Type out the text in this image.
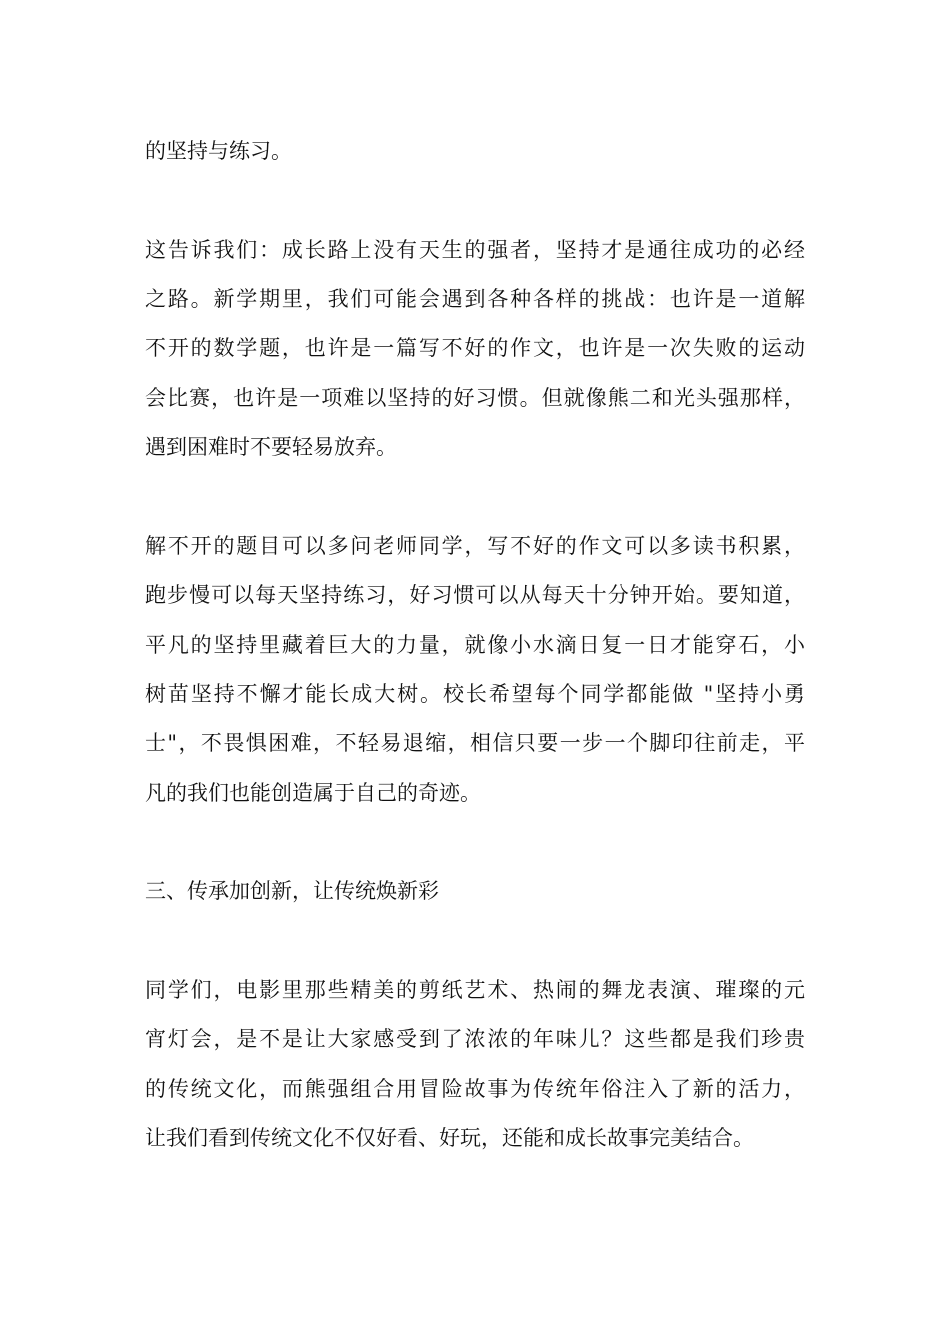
的坚持与练习。
这告诉我们：成长路上没有天生的强者，坚持才是通往成功的必经
之路。新学期里，我们可能会遇到各种各样的挑战：也许是一道解
不开的数学题，也许是一篇写不好的作文，也许是一次失败的运动
会比赛，也许是一项难以坚持的好习惯。但就像熊二和光头强那样，
遇到困难时不要轻易放弃。
解不开的题目可以多问老师同学，写不好的作文可以多读书积累，
跑步慢可以每天坚持练习，好习惯可以从每天十分钟开始。要知道，
平凡的坚持里藏着巨大的力量，就像小水滴日复一日才能穿石，小
树苗坚持不懈才能长成大树。校长希望每个同学都能做 "坚持小勇
士"，不畏惧困难，不轻易退缩，相信只要一步一个脚印往前走，平
凡的我们也能创造属于自己的奇迹。
三、传承加创新，让传统焕新彩
同学们，电影里那些精美的剪纸艺术、热闹的舞龙表演、璀璨的元
宵灯会，是不是让大家感受到了浓浓的年味儿？这些都是我们珍贵
的传统文化，而熊强组合用冒险故事为传统年俗注入了新的活力，
让我们看到传统文化不仅好看、好玩，还能和成长故事完美结合。
